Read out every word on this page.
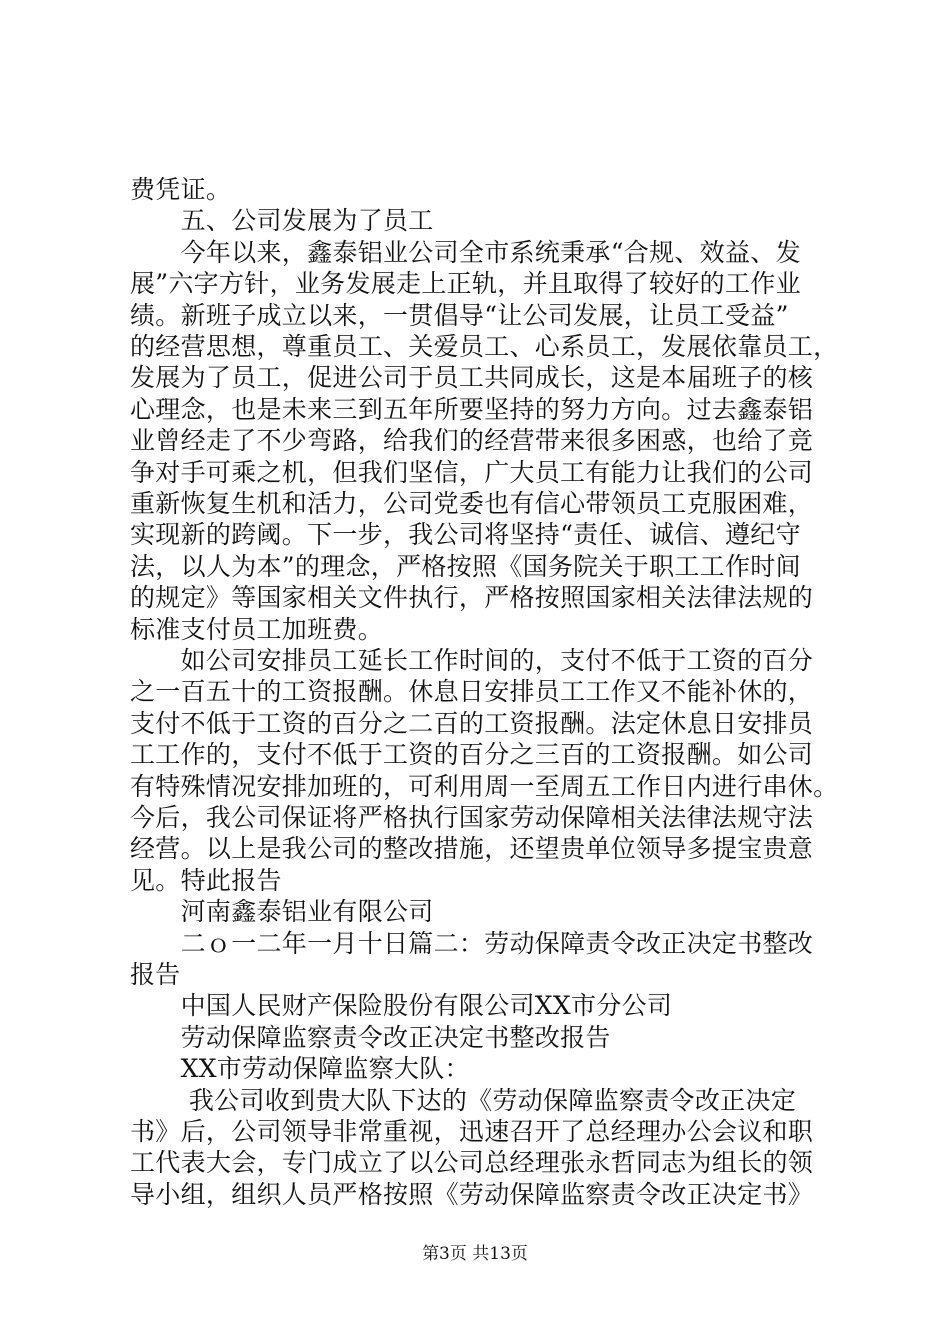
费凭证。
　　五、公司发展为了员工
　　今年以来，鑫泰铝业公司全市系统秉承“合规、效益、发
展”六字方针，业务发展走上正轨，并且取得了较好的工作业
绩。新班子成立以来，一贯倡导“让公司发展，让员工受益”
的经营思想，尊重员工、关爱员工、心系员工，发展依靠员工，
发展为了员工，促进公司于员工共同成长，这是本届班子的核
心理念，也是未来三到五年所要坚持的努力方向。过去鑫泰铝
业曾经走了不少弯路，给我们的经营带来很多困惑，也给了竞
争对手可乘之机，但我们坚信，广大员工有能力让我们的公司
重新恢复生机和活力，公司党委也有信心带领员工克服困难，
实现新的跨阈。下一步，我公司将坚持“责任、诚信、遵纪守
法，以人为本”的理念，严格按照《国务院关于职工工作时间
的规定》等国家相关文件执行，严格按照国家相关法律法规的
标准支付员工加班费。
　　如公司安排员工延长工作时间的，支付不低于工资的百分
之一百五十的工资报酬。休息日安排员工工作又不能补休的，
支付不低于工资的百分之二百的工资报酬。法定休息日安排员
工工作的，支付不低于工资的百分之三百的工资报酬。如公司
有特殊情况安排加班的，可利用周一至周五工作日内进行串休。
今后，我公司保证将严格执行国家劳动保障相关法律法规守法
经营。以上是我公司的整改措施，还望贵单位领导多提宝贵意
见。特此报告
　　河南鑫泰铝业有限公司
　　二ｏ一二年一月十日篇二：劳动保障责令改正决定书整改
报告
　　中国人民财产保险股份有限公司XX市分公司
　　劳动保障监察责令改正决定书整改报告
　　XX市劳动保障监察大队：
　　 我公司收到贵大队下达的《劳动保障监察责令改正决定
书》后，公司领导非常重视，迅速召开了总经理办公会议和职
工代表大会，专门成立了以公司总经理张永哲同志为组长的领
导小组，组织人员严格按照《劳动保障监察责令改正决定书》
第3页 共13页
